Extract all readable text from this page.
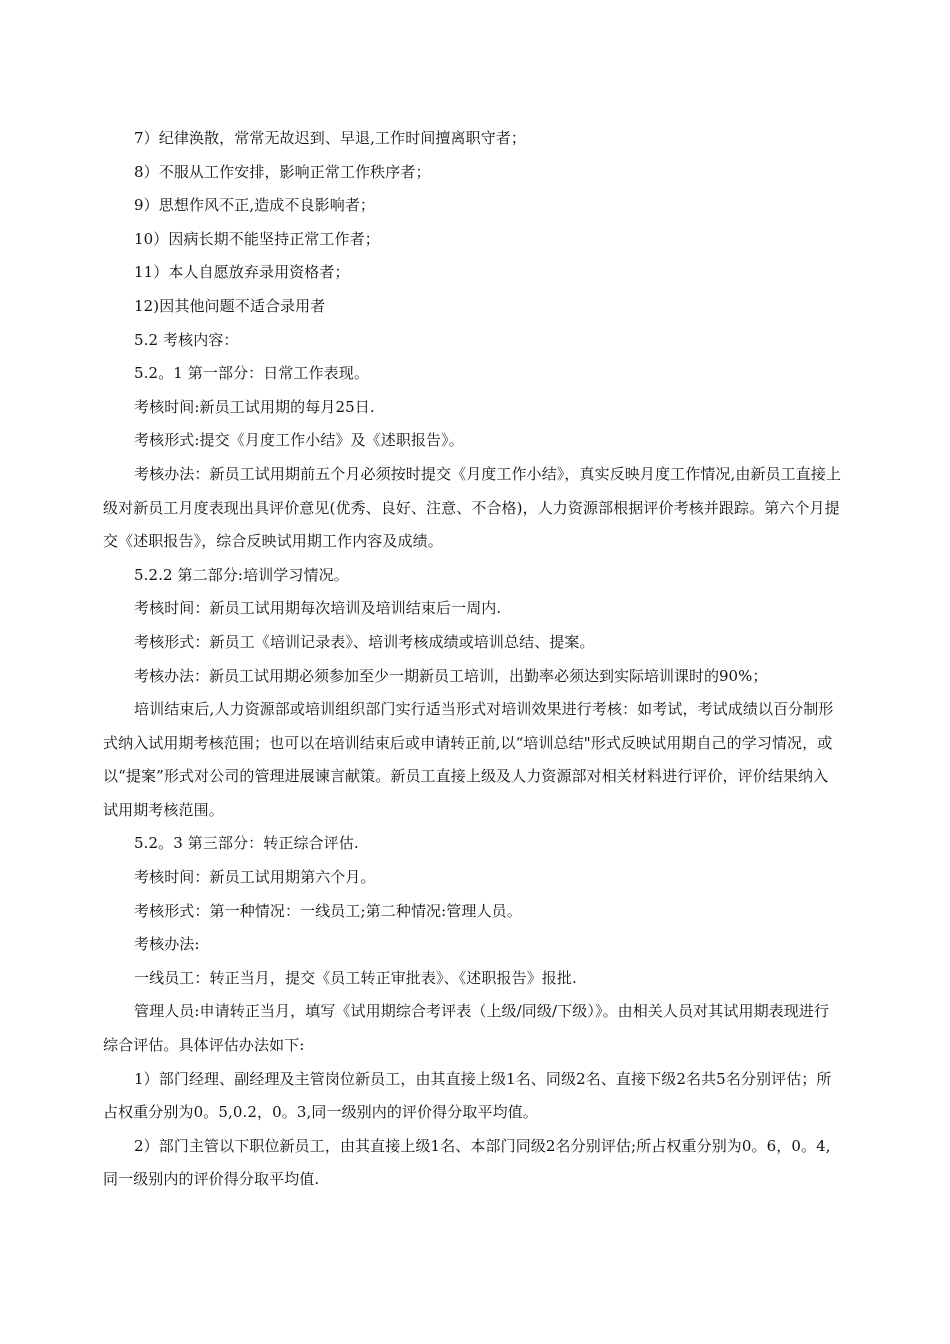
7）纪律涣散，常常无故迟到、早退,工作时间擅离职守者；

8）不服从工作安排，影响正常工作秩序者；

9）思想作风不正,造成不良影响者；

10）因病长期不能坚持正常工作者；

11）本人自愿放弃录用资格者；

12)因其他问题不适合录用者

5.2 考核内容：

5.2。1 第一部分：日常工作表现。

考核时间:新员工试用期的每月25日.

考核形式:提交《月度工作小结》及《述职报告》。

考核办法：新员工试用期前五个月必须按时提交《月度工作小结》，真实反映月度工作情况,由新员工直接上级对新员工月度表现出具评价意见(优秀、良好、注意、不合格)，人力资源部根据评价考核并跟踪。第六个月提交《述职报告》，综合反映试用期工作内容及成绩。

5.2.2 第二部分:培训学习情况。

考核时间：新员工试用期每次培训及培训结束后一周内.

考核形式：新员工《培训记录表》、培训考核成绩或培训总结、提案。

考核办法：新员工试用期必须参加至少一期新员工培训，出勤率必须达到实际培训课时的90%；

培训结束后,人力资源部或培训组织部门实行适当形式对培训效果进行考核：如考试，考试成绩以百分制形式纳入试用期考核范围；也可以在培训结束后或申请转正前,以“培训总结"形式反映试用期自己的学习情况，或以“提案”形式对公司的管理进展谏言献策。新员工直接上级及人力资源部对相关材料进行评价，评价结果纳入试用期考核范围。

5.2。3 第三部分：转正综合评估.

考核时间：新员工试用期第六个月。

考核形式：第一种情况：一线员工;第二种情况:管理人员。

考核办法:

一线员工：转正当月，提交《员工转正审批表》、《述职报告》报批.

管理人员:申请转正当月，填写《试用期综合考评表（上级/同级/下级）》。由相关人员对其试用期表现进行综合评估。具体评估办法如下:

1）部门经理、副经理及主管岗位新员工，由其直接上级1名、同级2名、直接下级2名共5名分别评估；所占权重分别为0。5,0.2，0。3,同一级别内的评价得分取平均值。

2）部门主管以下职位新员工，由其直接上级1名、本部门同级2名分别评估;所占权重分别为0。6，0。4,同一级别内的评价得分取平均值.
